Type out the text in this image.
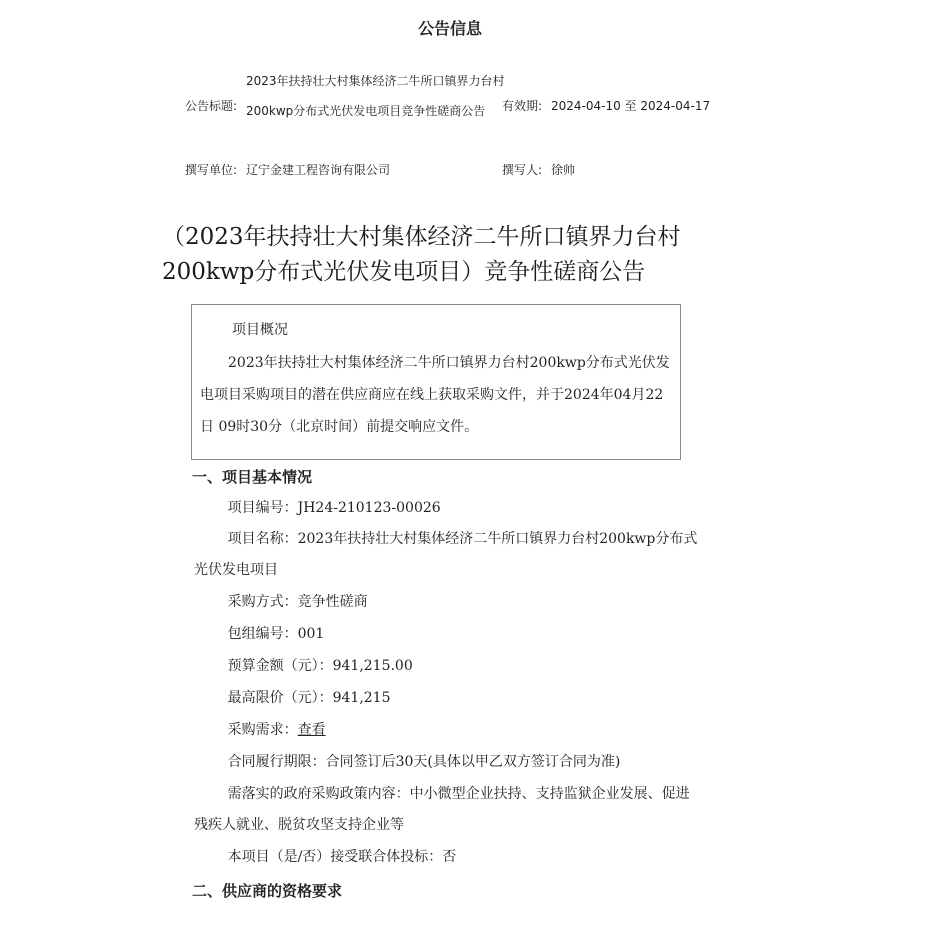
公告信息
公告标题:
2023年扶持壮大村集体经济二牛所口镇界力台村200kwp分布式光伏发电项目竞争性磋商公告	有效期: 2024-04-10 至 2024-04-17
撰写单位: 辽宁金建工程咨询有限公司	撰写人: 徐帅
（2023年扶持壮大村集体经济二牛所口镇界力台村200kwp分布式光伏发电项目）竞争性磋商公告
项目概况
2023年扶持壮大村集体经济二牛所口镇界力台村200kwp分布式光伏发电项目采购项目的潜在供应商应在线上获取采购文件，并于2024年04月22日 09时30分（北京时间）前提交响应文件。
一、项目基本情况
项目编号：JH24-210123-00026
项目名称：2023年扶持壮大村集体经济二牛所口镇界力台村200kwp分布式光伏发电项目
采购方式：竞争性磋商
包组编号：001
预算金额（元）：941,215.00
最高限价（元）：941,215
采购需求：查看
合同履行期限：合同签订后30天(具体以甲乙双方签订合同为准)
需落实的政府采购政策内容：中小微型企业扶持、支持监狱企业发展、促进残疾人就业、脱贫攻坚支持企业等
本项目（是/否）接受联合体投标：否
二、供应商的资格要求
